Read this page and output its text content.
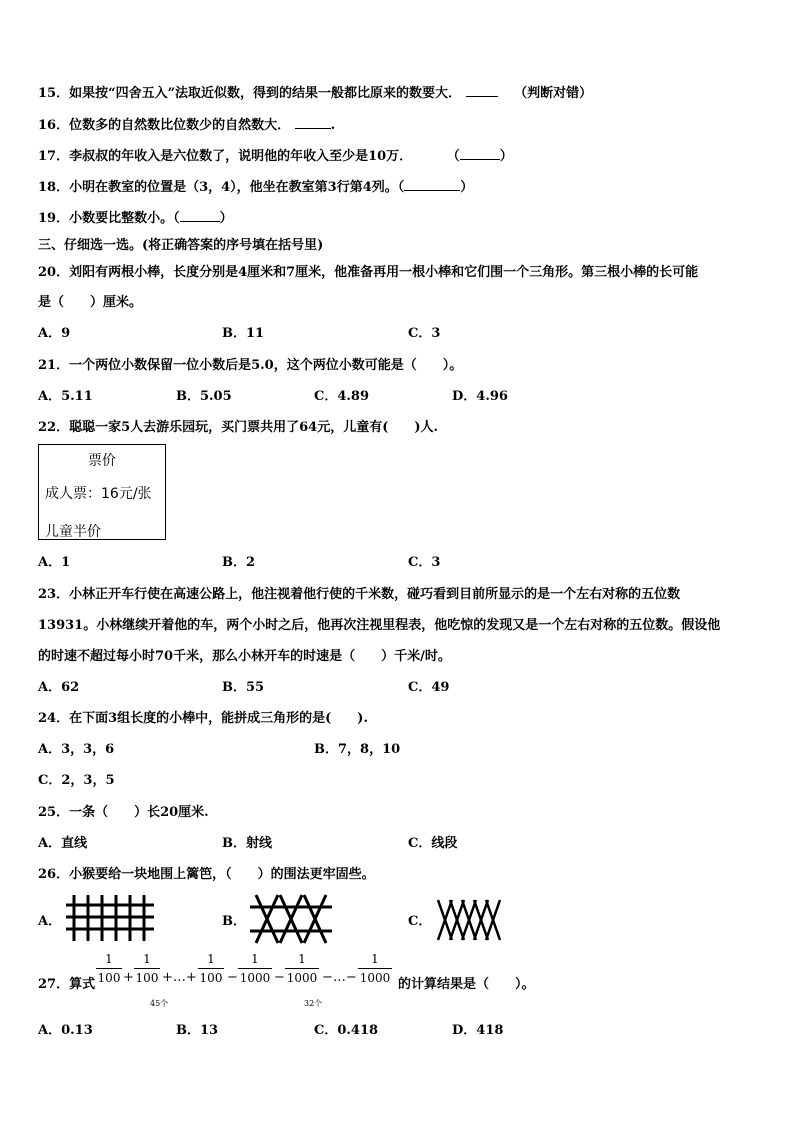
15．如果按“四舍五入”法取近似数，得到的结果一般都比原来的数要大．	（判断对错）
16．位数多的自然数比位数少的自然数大．	.
17．李叔叔的年收入是六位数了，说明他的年收入至少是10万．	（	）
18．小明在教室的位置是（3，4），他坐在教室第3行第4列。（	）
19．小数要比整数小。（	）
三、仔细选一选。(将正确答案的序号填在括号里)
20．刘阳有两根小棒，长度分别是4厘米和7厘米，他准备再用一根小棒和它们围一个三角形。第三根小棒的长可能
是（　　）厘米。
A．9	B．11	C．3
21．一个两位小数保留一位小数后是5.0，这个两位小数可能是（　　）。
A．5.11	B．5.05	C．4.89	D．4.96
22．聪聪一家5人去游乐园玩，买门票共用了64元，儿童有(　　)人.
票价
成人票：16元/张
儿童半价
A．1	B．2	C．3
23．小林正开车行使在高速公路上，他注视着他行使的千米数，碰巧看到目前所显示的是一个左右对称的五位数
13931。小林继续开着他的车，两个小时之后，他再次注视里程表，他吃惊的发现又是一个左右对称的五位数。假设他
的时速不超过每小时70千米，那么小林开车的时速是（　　）千米/时。
A．62	B．55	C．49
24．在下面3组长度的小棒中，能拼成三角形的是(　　).
A．3，3，6	B．7，8，10
C．2，3，5
25．一条（　　）长20厘米.
A．直线	B．射线	C．线段
26．小猴要给一块地围上篱笆，（　　）的围法更牢固些。
A．	B．	C．
27．算式
1
100 +
1
100 +…+
1
100 −
1
1000 −
1
1000 −…−
1
1000
45个	32个
的计算结果是（　　）。
A．0.13	B．13	C．0.418	D．418
